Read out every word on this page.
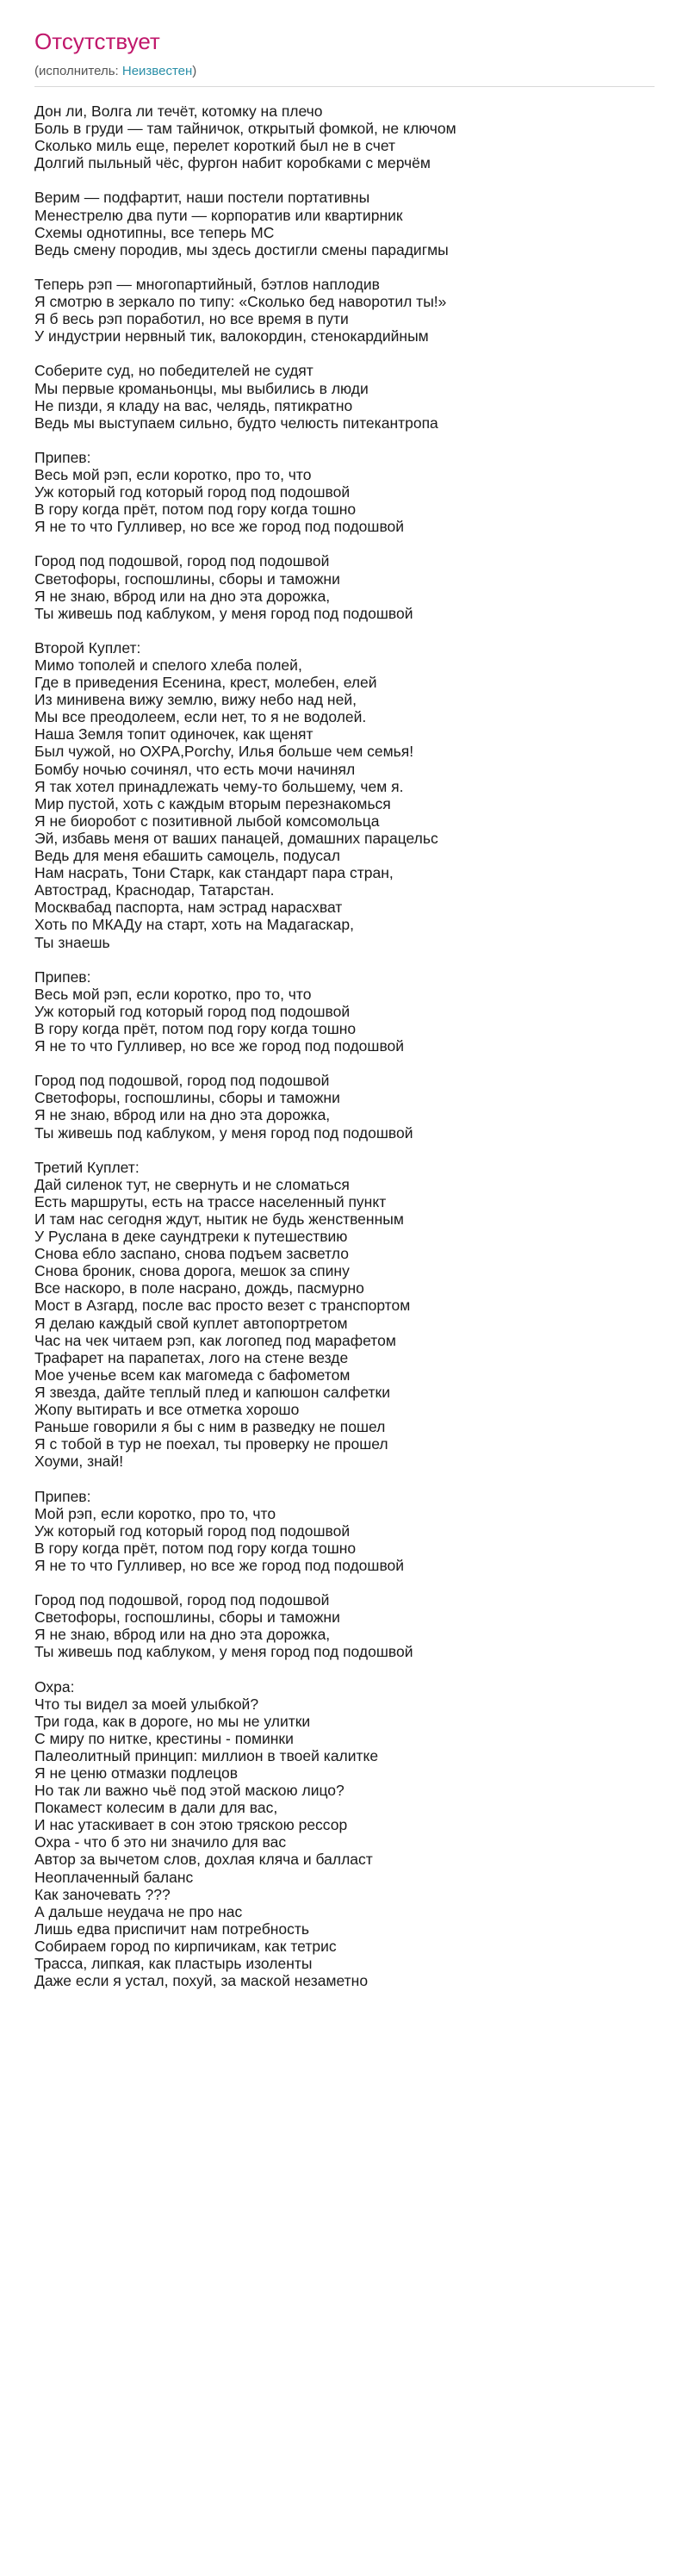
Отсутствует
(исполнитель: Неизвестен)
Дон ли, Волга ли течёт, котомку на плечо
Боль в груди — там тайничок, открытый фомкой, не ключом
Сколько миль еще, перелет короткий был не в счет
Долгий пыльный чёс, фургон набит коробками с мерчём
Верим — подфартит, наши постели портативны
Менестрелю два пути — корпоратив или квартирник
Схемы однотипны, все теперь МС
Ведь смену породив, мы здесь достигли смены парадигмы
Теперь рэп — многопартийный, бэтлов наплодив
Я смотрю в зеркало по типу: «Сколько бед наворотил ты!»
Я б весь рэп поработил, но все время в пути
У индустрии нервный тик, валокордин, стенокардийным
Соберите суд, но победителей не судят
Мы первые кроманьонцы, мы выбились в люди
Не пизди, я кладу на вас, челядь, пятикратно
Ведь мы выступаем сильно, будто челюсть питекантропа
Припев:
Весь мой рэп, если коротко, про то, что
Уж который год который город под подошвой
В гору когда прёт, потом под гору когда тошно
Я не то что Гулливер, но все же город под подошвой
Город под подошвой, город под подошвой
Светофоры, госпошлины, сборы и таможни
Я не знаю, вброд или на дно эта дорожка,
Ты живешь под каблуком, у меня город под подошвой
Второй Куплет:
Мимо тополей и спелого хлеба полей,
Где в приведения Есенина, крест, молебен, елей
Из минивена вижу землю, вижу небо над ней,
Мы все преодолеем, если нет, то я не водолей.
Наша Земля топит одиночек, как щенят
Был чужой, но ОХРА,Porchy, Илья больше чем семья!
Бомбу ночью сочинял, что есть мочи начинял
Я так хотел принадлежать чему-то большему, чем я.
Мир пустой, хоть с каждым вторым перезнакомься
Я не биоробот с позитивной лыбой комсомольца
Эй, избавь меня от ваших панацей, домашних парацельс
Ведь для меня ебашить самоцель, подусал
Нам насрать, Тони Старк, как стандарт пара стран,
Автострад, Краснодар, Татарстан.
Москвабад паспорта, нам эстрад нарасхват
Хоть по МКАДу на старт, хоть на Мадагаскар,
Ты знаешь
Припев:
Весь мой рэп, если коротко, про то, что
Уж который год который город под подошвой
В гору когда прёт, потом под гору когда тошно
Я не то что Гулливер, но все же город под подошвой
Город под подошвой, город под подошвой
Светофоры, госпошлины, сборы и таможни
Я не знаю, вброд или на дно эта дорожка,
Ты живешь под каблуком, у меня город под подошвой
Третий Куплет:
Дай силенок тут, не свернуть и не сломаться
Есть маршруты, есть на трассе населенный пункт
И там нас сегодня ждут, нытик не будь женственным
У Руслана в деке саундтреки к путешествию
Снова ебло заспано, снова подъем засветло
Снова броник, снова дорога, мешок за спину
Все наскоро, в поле насрано, дождь, пасмурно
Мост в Азгард, после вас просто везет с транспортом
Я делаю каждый свой куплет автопортретом
Час на чек читаем рэп, как логопед под марафетом
Трафарет на парапетах, лого на стене везде
Мое ученье всем как магомеда с бафометом
Я звезда, дайте теплый плед и капюшон салфетки
Жопу вытирать и все отметка хорошо
Раньше говорили я бы с ним в разведку не пошел
Я с тобой в тур не поехал, ты проверку не прошел
Хоуми, знай!
Припев:
Мой рэп, если коротко, про то, что
Уж который год который город под подошвой
В гору когда прёт, потом под гору когда тошно
Я не то что Гулливер, но все же город под подошвой
Город под подошвой, город под подошвой
Светофоры, госпошлины, сборы и таможни
Я не знаю, вброд или на дно эта дорожка,
Ты живешь под каблуком, у меня город под подошвой
Охра:
Что ты видел за моей улыбкой?
Три года, как в дороге, но мы не улитки
С миру по нитке, крестины - поминки
Палеолитный принцип: миллион в твоей калитке
Я не ценю отмазки подлецов
Но так ли важно чьё под этой маскою лицо?
Покамест колесим в дали для вас,
И нас утаскивает в сон этою тряскою рессор
Охра - что б это ни значило для вас
Автор за вычетом слов, дохлая кляча и балласт
Неоплаченный баланс
Как заночевать ???
А дальше неудача не про нас
Лишь едва приспичит нам потребность
Собираем город по кирпичикам, как тетрис
Трасса, липкая, как пластырь изоленты
Даже если я устал, похуй, за маской незаметно
